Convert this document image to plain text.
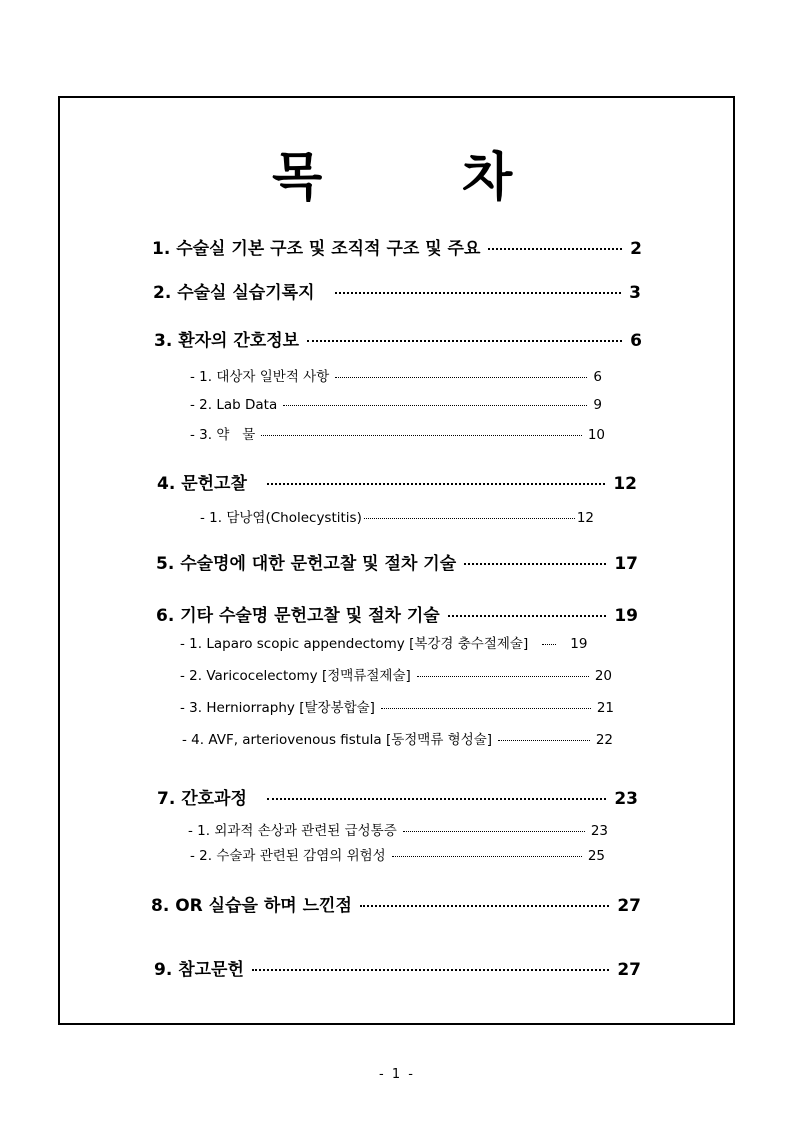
목	차
1. 수술실 기본 구조 및 조직적 구조 및 주요	2
2. 수술실 실습기록지	3
3. 환자의 간호정보	6
- 1. 대상자 일반적 사항	6
- 2. Lab Data	9
- 3. 약   물	10
4. 문헌고찰	12
- 1. 담낭염(Cholecystitis)	12
5. 수술명에 대한 문헌고찰 및 절차 기술	17
6. 기타 수술명 문헌고찰 및 절차 기술	19
- 1. Laparo scopic appendectomy [복강경 충수절제술]	19
- 2. Varicocelectomy [정맥류절제술]	20
- 3. Herniorraphy [탈장봉합술]	21
- 4. AVF, arteriovenous fistula [동정맥류 형성술]	22
7. 간호과정	23
- 1. 외과적 손상과 관련된 급성통증	23
- 2. 수술과 관련된 감염의 위험성	25
8. OR 실습을 하며 느낀점	27
9. 참고문헌	27
- 1 -
